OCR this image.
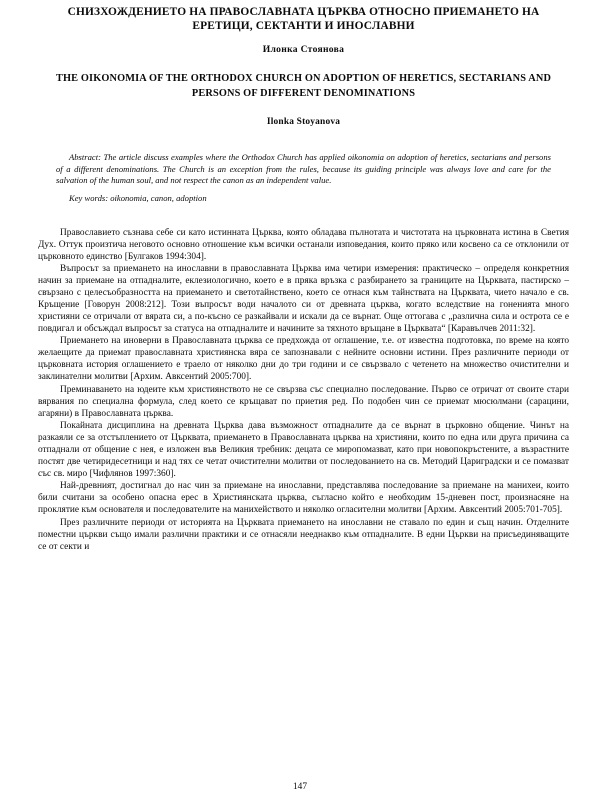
СНИЗХОЖДЕНИЕТО НА ПРАВОСЛАВНАТА ЦЪРКВА ОТНОСНО ПРИЕМАНЕТО НА ЕРЕТИЦИ, СЕКТАНТИ И ИНОСЛАВНИ
Илонка Стоянова
THE OIKONOMIA OF THE ORTHODOX CHURCH ON ADOPTION OF HERETICS, SECTARIANS AND PERSONS OF DIFFERENT DENOMINATIONS
Ilonka Stoyanova

Abstract: The article discuss examples where the Orthodox Church has applied oikonomia on adoption of heretics, sectarians and persons of a different denominations. The Church is an exception from the rules, because its guiding principle was always love and care for the salvation of the human soul, and not respect the canon as an independent value.

Key words: oikonomia, canon, adoption

Православието съзнава себе си като истинната Църква, която обладава пълнотата и чистотата на църковната истина в Светия Дух. Оттук произтича неговото основно отношение към всички останали изповедания, които пряко или косвено са се отклонили от църковното единство [Булгаков 1994:304].

Въпросът за приемането на инославни в православната Църква има четири измерения: практическо – определя конкретния начин за приемане на отпадналите, еклезиологично, което е в пряка връзка с разбирането за границите на Църквата, пастирско – свързано с целесъобразността на приемането и светотайнствено, което се отнася към тайнствата на Църквата, чието начало е св. Кръщение [Говорун 2008:212]. Този въпросът води началото си от древната църква, когато вследствие на гоненията много християни се отричали от вярата си, а по-късно се разкайвали и искали да се върнат. Още оттогава с „различна сила и острота се е повдигал и обсъждал въпросът за статуса на отпадналите и начините за тяхното връщане в Църквата“ [Каравълчев 2011:32].

Приемането на иноверни в Православната църква се предхожда от оглашение, т.е. от известна подготовка, по време на която желаещите да приемат православната християнска вяра се запознавали с нейните основни истини. През различните периоди от църковната история оглашението е траело от няколко дни до три години и се свързвало с четенето на множество очистителни и заклинателни молитви [Архим. Авксентий 2005:700].

Преминаването на юдеите към християнството не се свързва със специално последование. Първо се отричат от своите стари вярвания по специална формула, след което се кръщават по приетия ред. По подобен чин се приемат мюсюлмани (сарацини, агаряни) в Православната църква.

Покайната дисциплина на древната Църква дава възможност отпадналите да се върнат в църковно общение. Чинът на разкаяли се за отстъплението от Църквата, приемането в Православната църква на християни, които по една или друга причина са отпаднали от общение с нея, е изложен във Великия требник: децата се миропомазват, като при новопокръстените, а възрастните постят две четиридесетници и над тях се четат очистителни молитви от последованието на св. Методий Цариградски и се помазват със св. миро [Чифлянов 1997:360].

Най-древният, достигнал до нас чин за приемане на инославни, представлява последование за приемане на манихеи, които били считани за особено опасна ерес в Християнската църква, съгласно който е необходим 15-дневен пост, произнасяне на проклятие към основателя и последователите на манихейството и няколко огласителни молитви [Архим. Авксентий 2005:701-705].

През различните периоди от историята на Църквата приемането на инославни не ставало по един и същ начин. Отделните поместни църкви също имали различни практики и се отнасяли нееднакво към отпадналите. В едни Църкви на присъединяващите се от секти и

147
